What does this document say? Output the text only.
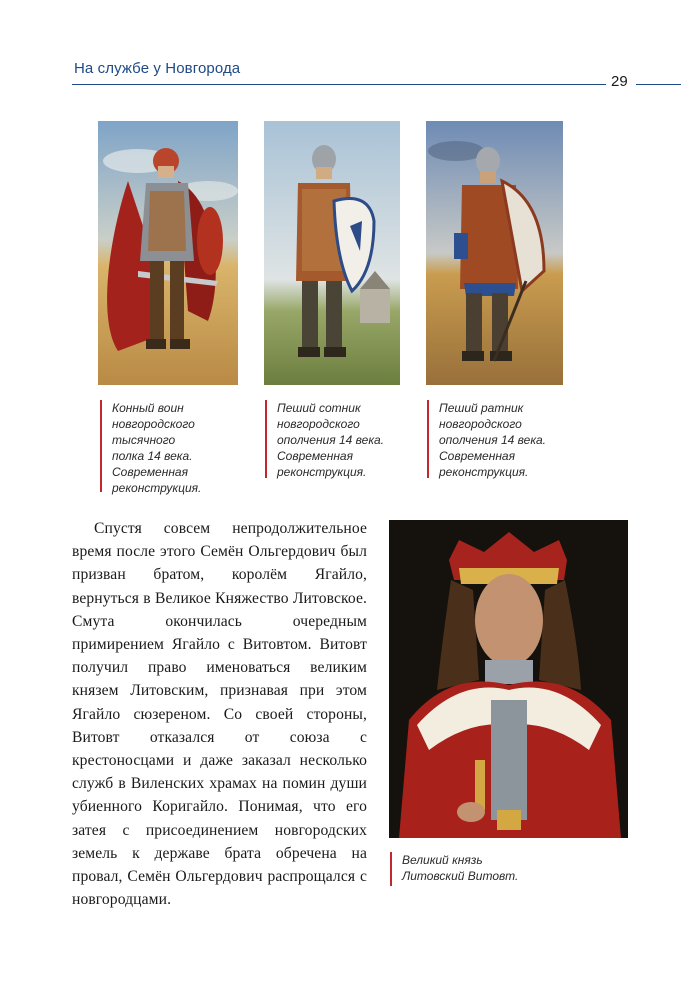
На службе у Новгорода
29
Конный воин
новгородского
тысячного
полка 14 века.
Современная
реконструкция.
Пеший сотник
новгородского
ополчения 14 века.
Современная
реконструкция.
Пеший ратник
новгородского
ополчения 14 века.
Современная
реконструкция.
Спустя совсем непродолжительное время после этого Семён Ольгердович был призван братом, королём Ягайло, вернуться в Великое Княжество Литовское. Смута окончилась очередным примирением Ягайло с Витовтом. Витовт получил право именоваться великим князем Литовским, признавая при этом Ягайло сюзереном. Со своей стороны, Витовт отказался от союза с крестоносцами и даже заказал несколько служб в Виленских храмах на помин души убиенного Коригайло. Понимая, что его затея с присоединением новгородских земель к державе брата обречена на провал, Семён Ольгердович распрощался с новгородцами.
Великий князь
Литовский Витовт.
